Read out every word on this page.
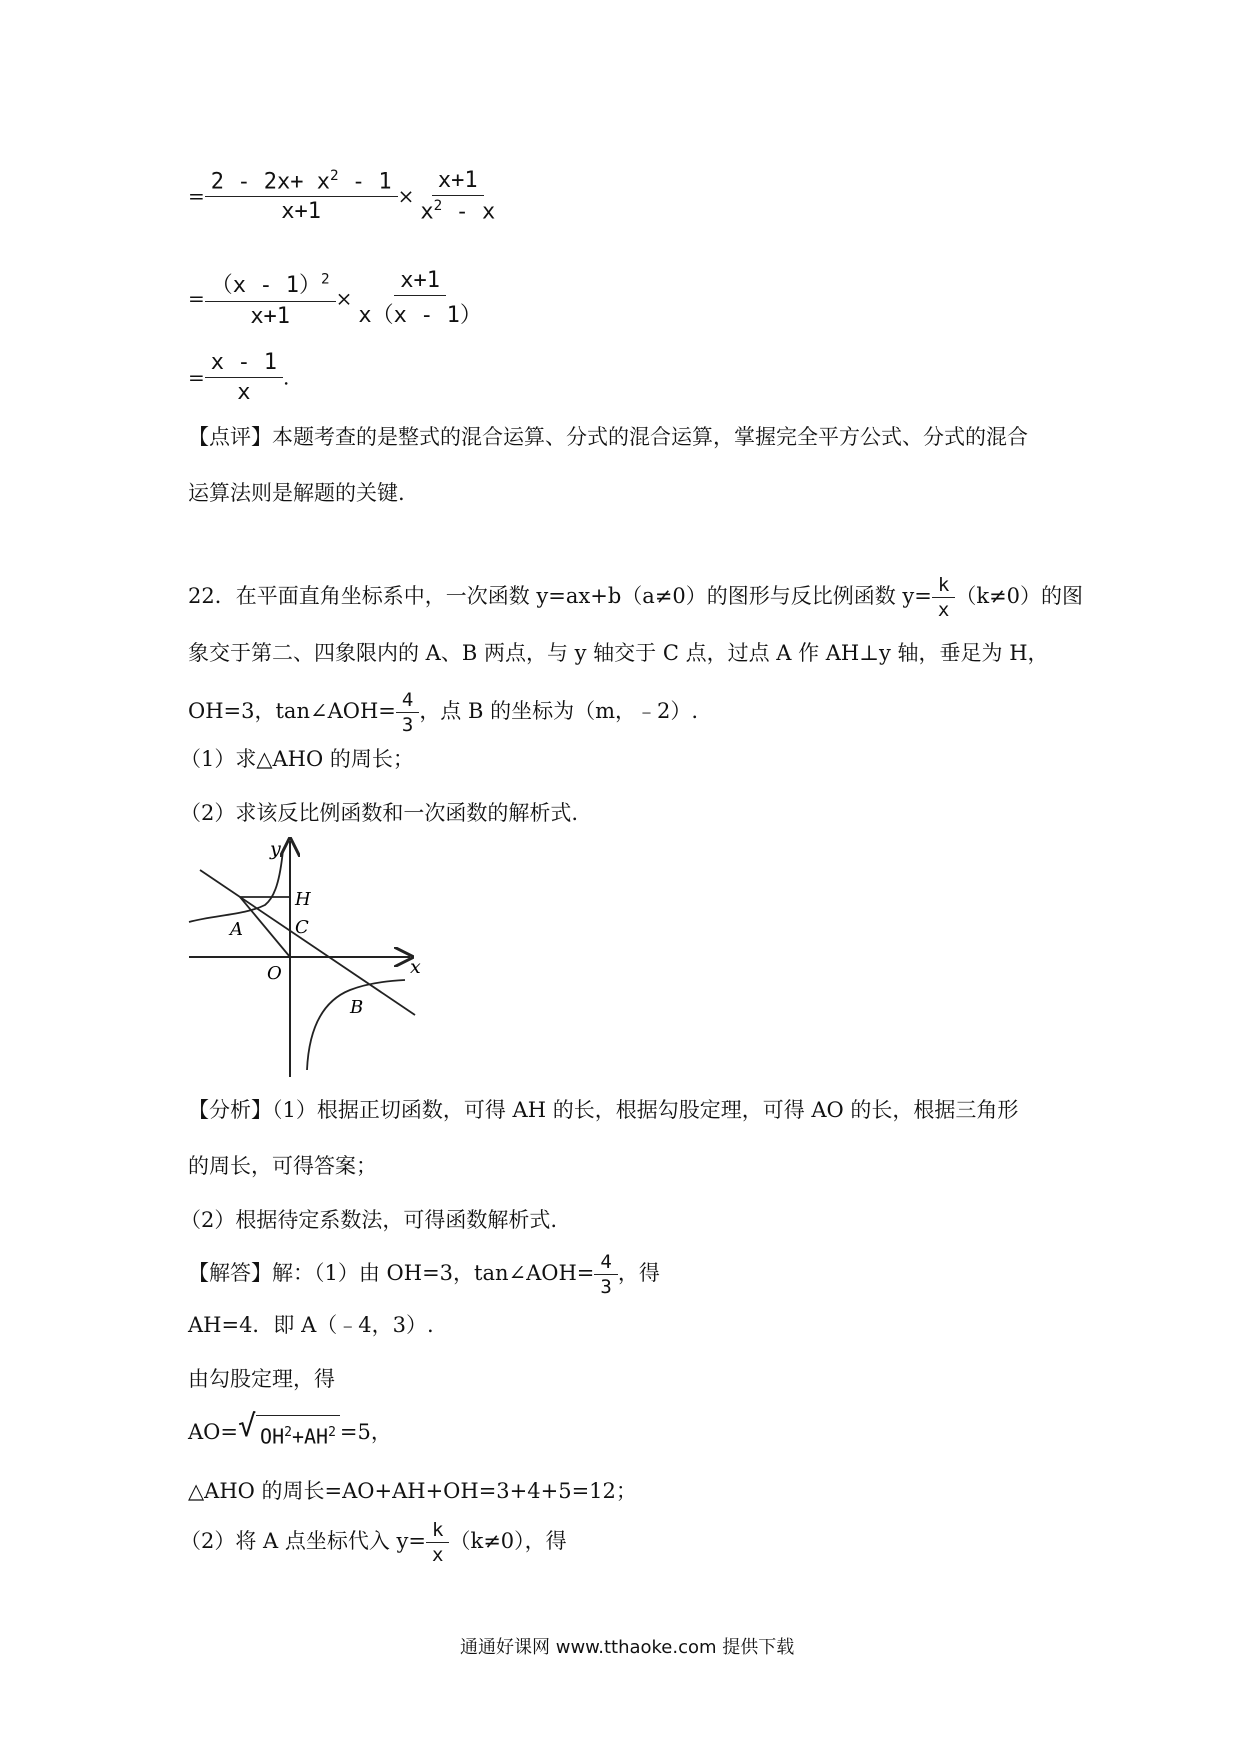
= $\frac{2 - 2x+ x^2 - 1}{x+1} \times \frac{x+1}{x^2 - x}$
= $\frac{(x - 1)^2}{x+1} \times \frac{x+1}{x(x - 1)}$
= $\frac{x - 1}{x}$ .
【点评】本题考查的是整式的混合运算、分式的混合运算，掌握完全平方公式、分式的混合
运算法则是解题的关键.
22．在平面直角坐标系中，一次函数 y=ax+b（a≠0）的图形与反比例函数 $y= \frac{k}{x} (k\ne 0)$的图
象交于第二、四象限内的 A、B 两点，与 y 轴交于 C 点，过点 A 作 AH⊥y 轴，垂足为 H，
OH=3，tan∠AOH= $\frac{4}{3}$ ，点 B 的坐标为（m，﹣2）.
（1）求△AHO 的周长；
（2）求该反比例函数和一次函数的解析式.
y
x
H
C
A
O
B
【分析】（1）根据正切函数，可得 AH 的长，根据勾股定理，可得 AO 的长，根据三角形
的周长，可得答案；
（2）根据待定系数法，可得函数解析式.
【解答】解：（1）由 OH=3，tan∠AOH= $\frac{4}{3}$ ，得
AH=4．即 A（﹣4，3）.
由勾股定理，得
AO= √ $OH^2+AH^2 =5$，
△AHO 的周长=AO+AH+OH=3+4+5=12；
（2）将 A 点坐标代入 $y= \frac{k}{x} (k\ne 0)$，得
通通好课网 www.tthaoke.com 提供下载
